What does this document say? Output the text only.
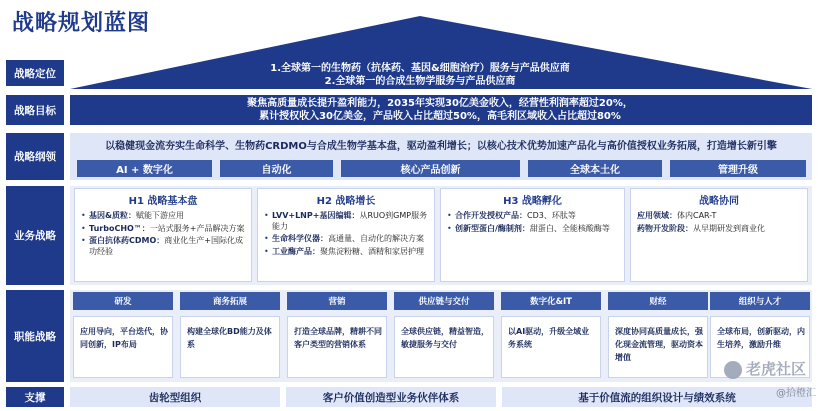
战略规划蓝图
1.全球第一的生物药（抗体药、基因&细胞治疗）服务与产品供应商
2.全球第一的合成生物学服务与产品供应商
战略定位
战略目标
战略纲领
业务战略
职能战略
支撑
聚焦高质量成长提升盈利能力，2035年实现30亿美金收入，经营性利润率超过20%，
累计授权收入30亿美金，产品收入占比超过50%，高毛利区域收入占比超过80%
以稳健现金流夯实生命科学、生物药CRDMO与合成生物学基本盘，驱动盈利增长；以核心技术优势加速产品化与高价值授权业务拓展，打造增长新引擎
AI + 数字化	自动化	核心产品创新	全球本土化	管理升级
H1 战略基本盘
• 基因&质粒：赋能下游应用
• TurboCHO™：一站式服务+产品解决方案
• 蛋白抗体药CDMO：商业化生产+国际化成功经验
H2 战略增长
• LVV+LNP+基因编辑：从RUO到GMP服务能力
• 生命科学仪器：高通量、自动化的解决方案
• 工业酶产品：聚焦淀粉糖、酒精和家居护理
H3 战略孵化
• 合作开发授权产品：CD3、环肽等
• 创新型蛋白/酶制剂：甜蛋白、全能核酸酶等
战略协同
• 应用领域：体内CAR-T
• 药物开发阶段：从早期研发到商业化
研发
应用导向，平台迭代，协同创新，IP布局
商务拓展
构建全球化BD能力及体系
营销
打造全球品牌，精耕不同客户类型的营销体系
供应链与交付
全球供应链，精益智造，敏捷服务与交付
数字化&IT
以AI驱动，升级全域业务系统
财经
深度协同高质量成长，强化现金流管理，驱动资本增值
组织与人才
全球布局，创新驱动，内生培养，激励升维
齿轮型组织	客户价值创造型业务伙伴体系	基于价值流的组织设计与绩效系统
老虎社区
@拾橙汇
